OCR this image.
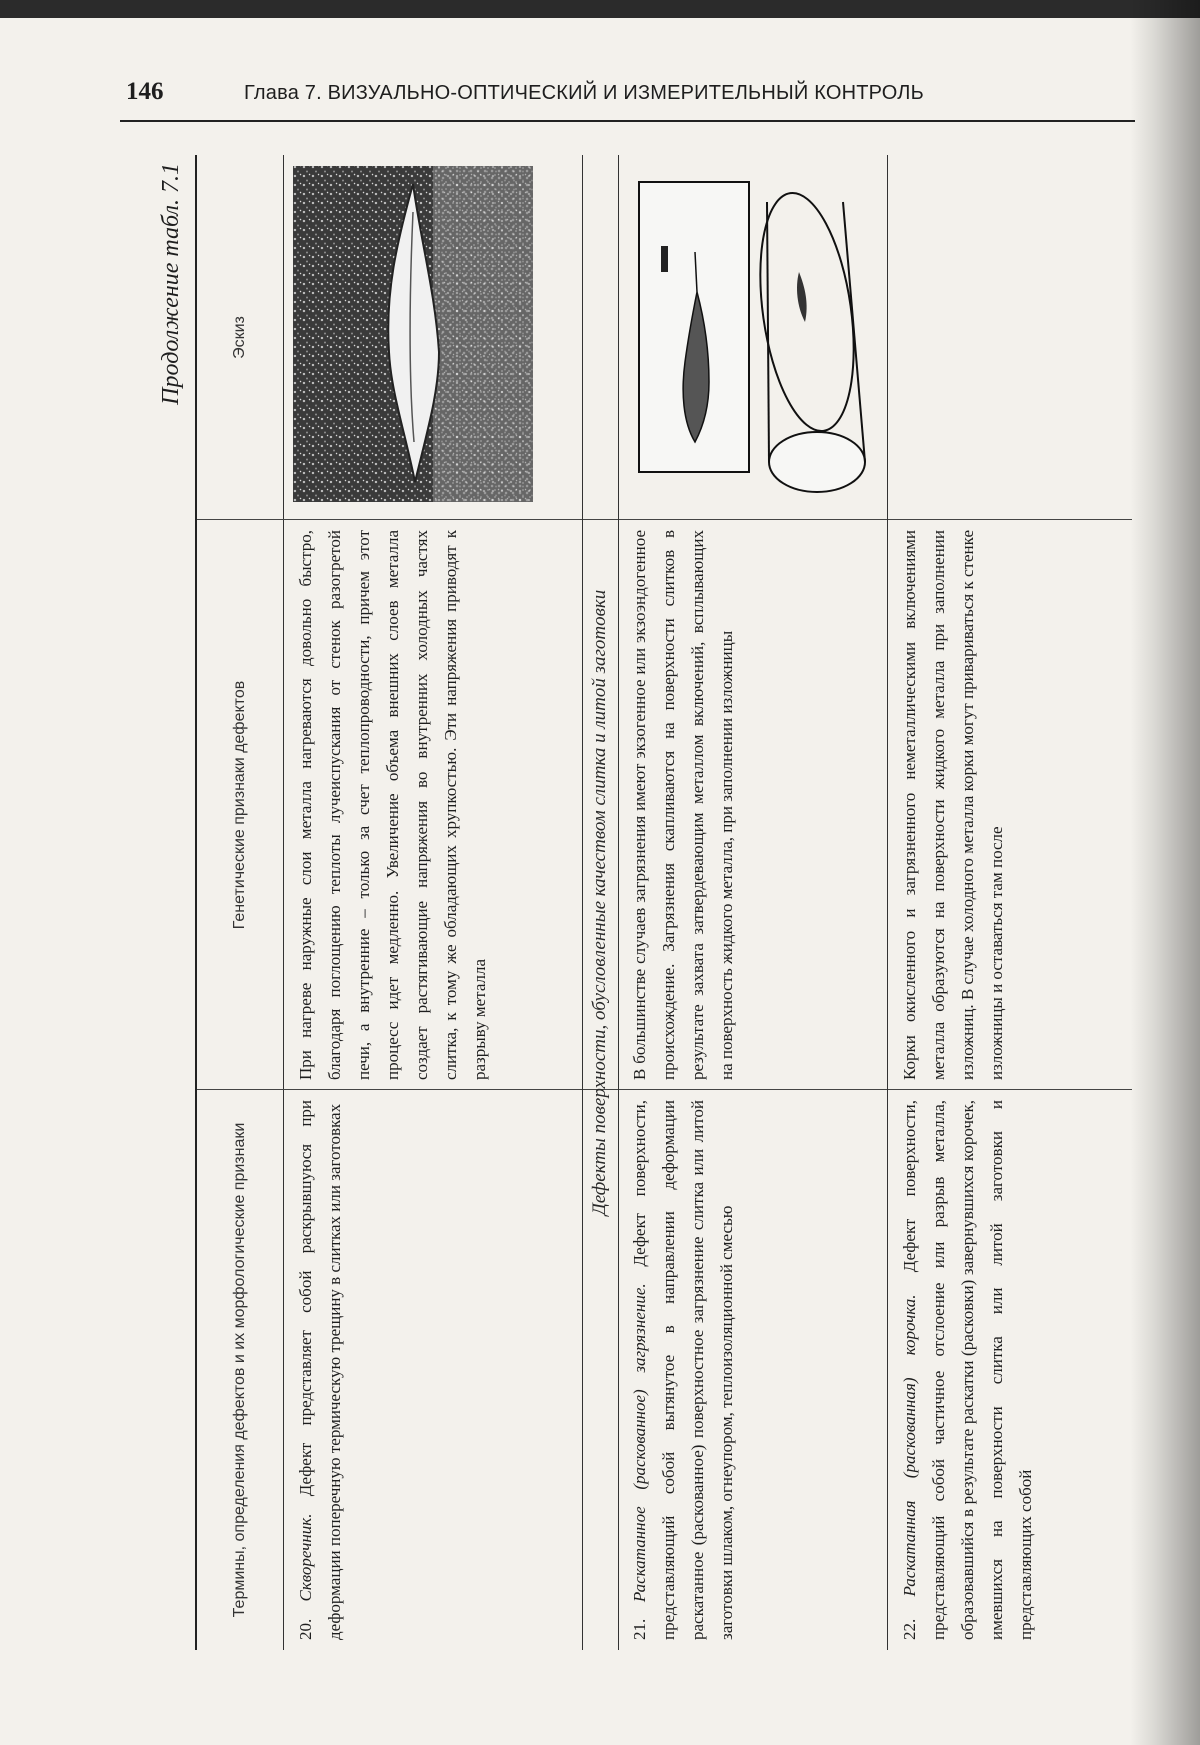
146	Глава 7. ВИЗУАЛЬНО-ОПТИЧЕСКИЙ И ИЗМЕРИТЕЛЬНЫЙ КОНТРОЛЬ
Продолжение табл. 7.1
Термины, определения дефектов и их морфологические признаки
Генетические признаки дефектов
Эскиз
20. Скворечник. Дефект представляет собой раскрывшуюся при деформации поперечную термическую трещину в слитках или заготовках
При нагреве наружные слои металла нагреваются довольно быстро, благодаря поглощению теплоты лучеиспускания от стенок разогретой печи, а внутренние – только за счет теплопроводности, причем этот процесс идет медленно. Увеличение объема внешних слоев металла создает растягивающие напряжения во внутренних холодных частях слитка, к тому же обладающих хрупкостью. Эти напряжения приводят к разрыву металла	Дефекты поверхности, обусловленные качеством слитка и литой заготовки
21. Раскатанное (раскованное) загрязнение. Дефект поверхности, представляющий собой вытянутое в направлении деформации раскатанное (раскованное) поверхностное загрязнение слитка или литой заготовки шлаком, огнеупором, теплоизоляционной смесью
В большинстве случаев загрязнения имеют экзогенное или экзоэндогенное происхождение. Загрязнения скапливаются на поверхности слитков в результате захвата затвердевающим металлом включений, всплывающих на поверхность жидкого металла, при заполнении изложницы
22. Раскатанная (раскованная) корочка. Дефект поверхности, представляющий собой частичное отслоение или разрыв металла, образовавшийся в результате раскатки (расковки) завернувшихся корочек, имевшихся на поверхности слитка или литой заготовки и представляющих собой
Корки окисленного и загрязненного неметаллическими включениями металла образуются на поверхности жидкого металла при заполнении изложниц. В случае холодного металла корки могут привариваться к стенке изложницы и оставаться там после
